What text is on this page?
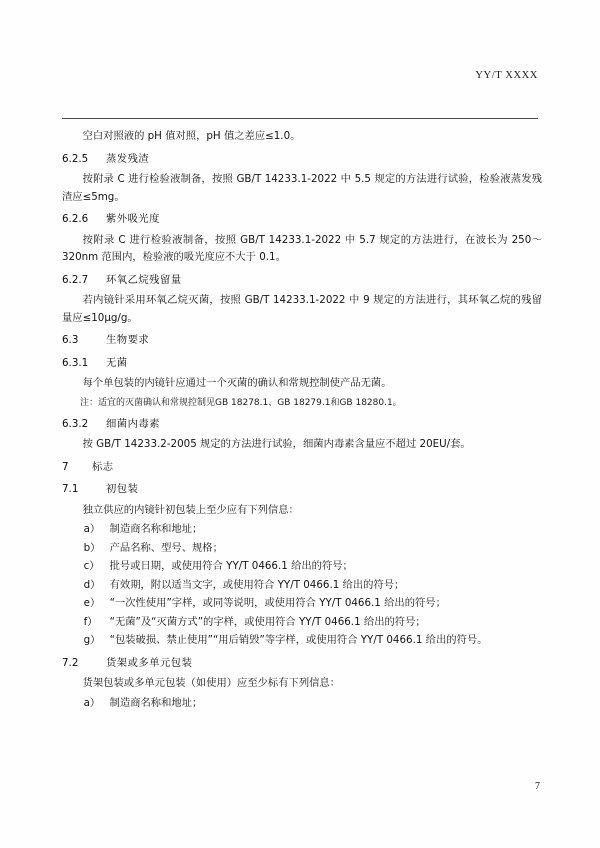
YY/T XXXX

空白对照液的 pH 值对照，pH 值之差应≤1.0。

6.2.5	蒸发残渣

按附录 C 进行检验液制备，按照 GB/T 14233.1-2022 中 5.5 规定的方法进行试验，检验液蒸发残渣应≤5mg。

6.2.6	紫外吸光度

按附录 C 进行检验液制备，按照 GB/T 14233.1-2022 中 5.7 规定的方法进行，在波长为 250～320nm 范围内，检验液的吸光度应不大于 0.1。

6.2.7	环氧乙烷残留量

若内镜针采用环氧乙烷灭菌，按照 GB/T 14233.1-2022 中 9 规定的方法进行，其环氧乙烷的残留量应≤10μg/g。

6.3	生物要求
6.3.1	无菌

每个单包装的内镜针应通过一个灭菌的确认和常规控制使产品无菌。

注：适宜的灭菌确认和常规控制见GB 18278.1、GB 18279.1和GB 18280.1。

6.3.2	细菌内毒素

按 GB/T 14233.2-2005 规定的方法进行试验，细菌内毒素含量应不超过 20EU/套。

7	标志
7.1	初包装

独立供应的内镜针初包装上至少应有下列信息：

a） 制造商名称和地址；
b） 产品名称、型号、规格；
c） 批号或日期，或使用符合 YY/T 0466.1 给出的符号；
d） 有效期，附以适当文字，或使用符合 YY/T 0466.1 给出的符号；
e） “一次性使用”字样，或同等说明，或使用符合 YY/T 0466.1 给出的符号；
f）	“无菌”及“灭菌方式”的字样，或使用符合 YY/T 0466.1 给出的符号；
g） “包装破损、禁止使用”“用后销毁”等字样，或使用符合 YY/T 0466.1 给出的符号。
7.2	货架或多单元包装

货架包装或多单元包装（如使用）应至少标有下列信息：

a） 制造商名称和地址；
7
